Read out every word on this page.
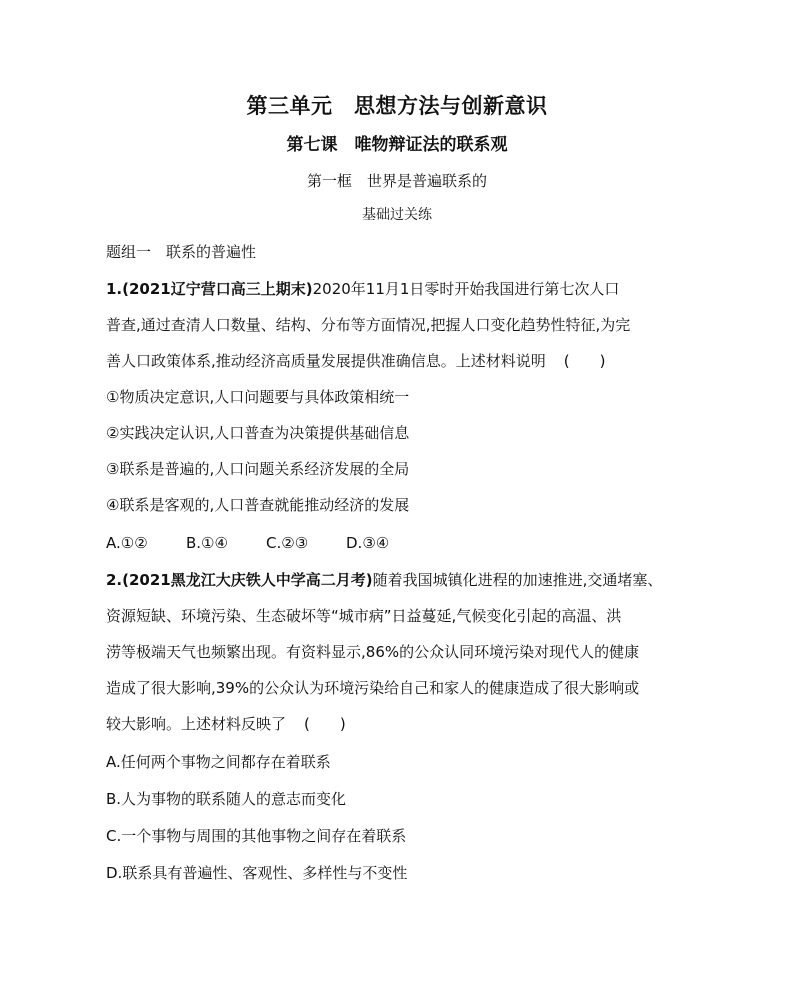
第三单元　思想方法与创新意识
第七课　唯物辩证法的联系观
第一框　世界是普遍联系的
基础过关练
题组一　联系的普遍性
1.(2021辽宁营口高三上期末)2020年11月1日零时开始我国进行第七次人口
普查,通过查清人口数量、结构、分布等方面情况,把握人口变化趋势性特征,为完
善人口政策体系,推动经济高质量发展提供准确信息。上述材料说明 (　　)
①物质决定意识,人口问题要与具体政策相统一
②实践决定认识,人口普查为决策提供基础信息
③联系是普遍的,人口问题关系经济发展的全局
④联系是客观的,人口普查就能推动经济的发展
A.①②	B.①④	C.②③	D.③④
2.(2021黑龙江大庆铁人中学高二月考)随着我国城镇化进程的加速推进,交通堵塞、
资源短缺、环境污染、生态破坏等“城市病”日益蔓延,气候变化引起的高温、洪
涝等极端天气也频繁出现。有资料显示,86%的公众认同环境污染对现代人的健康
造成了很大影响,39%的公众认为环境污染给自己和家人的健康造成了很大影响或
较大影响。上述材料反映了 (　　)
A.任何两个事物之间都存在着联系
B.人为事物的联系随人的意志而变化
C.一个事物与周围的其他事物之间存在着联系
D.联系具有普遍性、客观性、多样性与不变性
